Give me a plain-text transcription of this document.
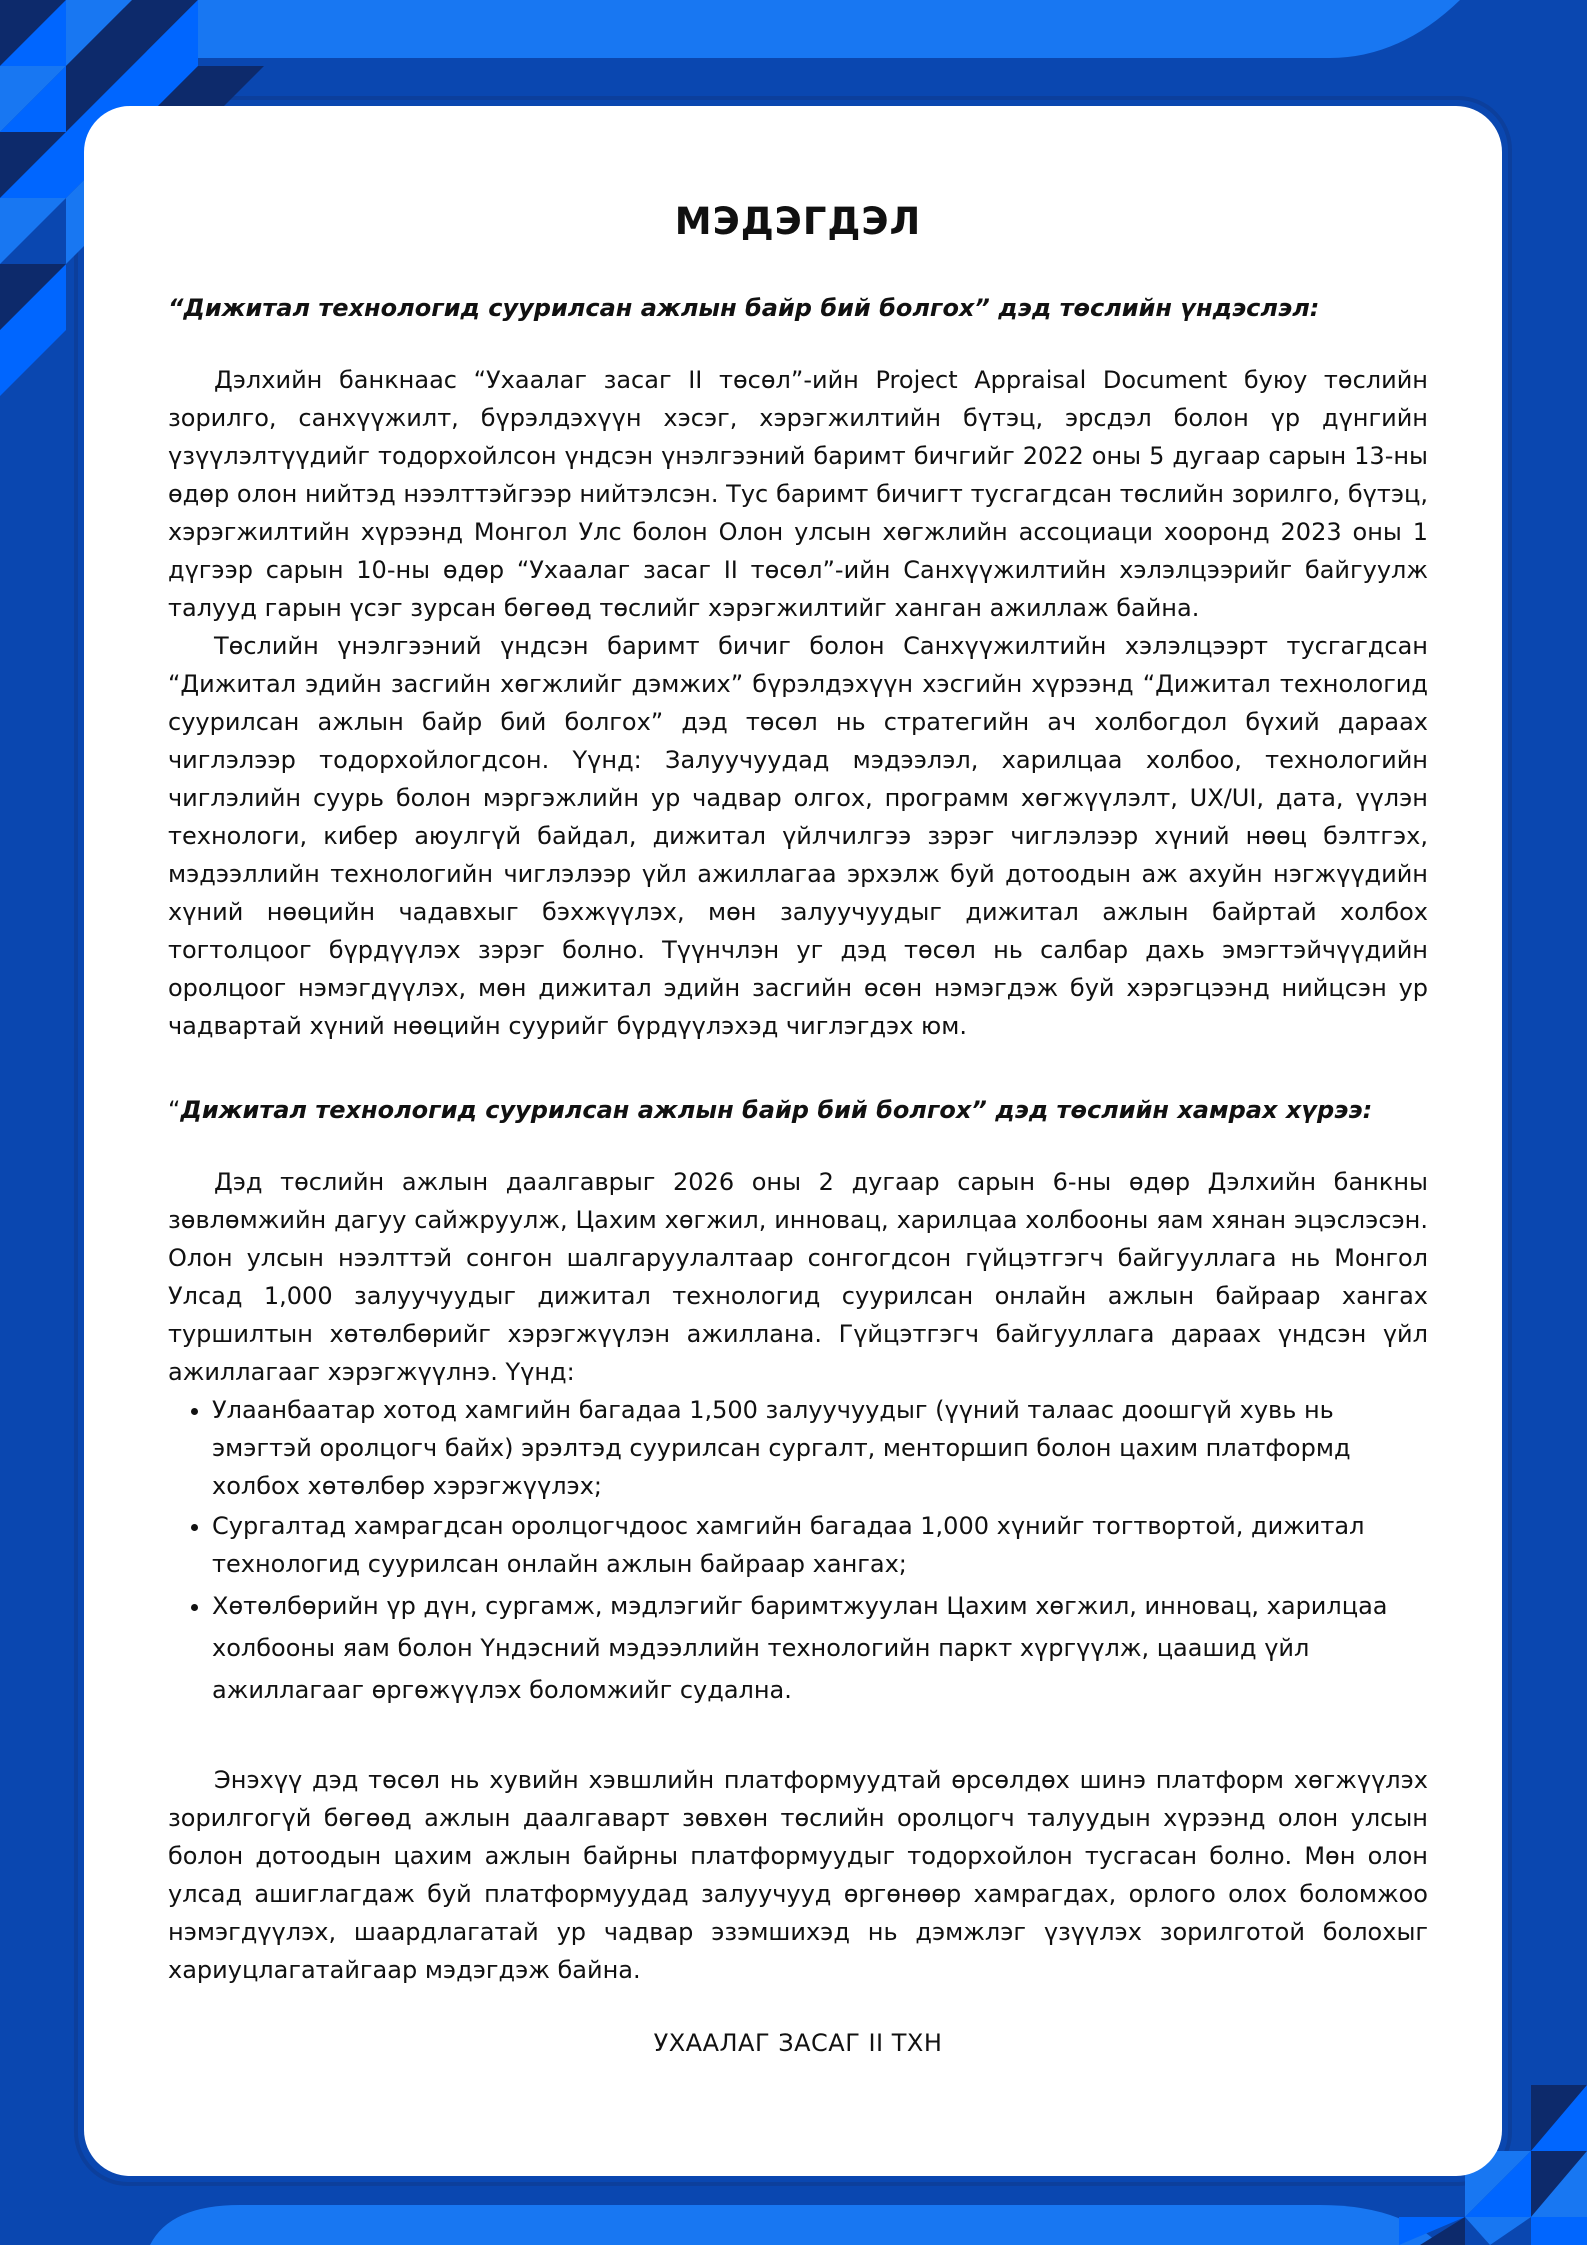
МЭДЭГДЭЛ

“Дижитал технологид суурилсан ажлын байр бий болгох” дэд төслийн үндэслэл:

Дэлхийн банкнаас “Ухаалаг засаг II төсөл”-ийн Project Appraisal Document буюу төслийн зорилго, санхүүжилт, бүрэлдэхүүн хэсэг, хэрэгжилтийн бүтэц, эрсдэл болон үр дүнгийн үзүүлэлтүүдийг тодорхойлсон үндсэн үнэлгээний баримт бичгийг 2022 оны 5 дугаар сарын 13-ны өдөр олон нийтэд нээлттэйгээр нийтэлсэн. Тус баримт бичигт тусгагдсан төслийн зорилго, бүтэц, хэрэгжилтийн хүрээнд Монгол Улс болон Олон улсын хөгжлийн ассоциаци хооронд 2023 оны 1 дүгээр сарын 10-ны өдөр “Ухаалаг засаг II төсөл”-ийн Санхүүжилтийн хэлэлцээрийг байгуулж талууд гарын үсэг зурсан бөгөөд төслийг хэрэгжилтийг ханган ажиллаж байна.

Төслийн үнэлгээний үндсэн баримт бичиг болон Санхүүжилтийн хэлэлцээрт тусгагдсан “Дижитал эдийн засгийн хөгжлийг дэмжих” бүрэлдэхүүн хэсгийн хүрээнд “Дижитал технологид суурилсан ажлын байр бий болгох” дэд төсөл нь стратегийн ач холбогдол бүхий дараах чиглэлээр тодорхойлогдсон. Үүнд: Залуучуудад мэдээлэл, харилцаа холбоо, технологийн чиглэлийн суурь болон мэргэжлийн ур чадвар олгох, программ хөгжүүлэлт, UX/UI, дата, үүлэн технологи, кибер аюулгүй байдал, дижитал үйлчилгээ зэрэг чиглэлээр хүний нөөц бэлтгэх, мэдээллийн технологийн чиглэлээр үйл ажиллагаа эрхэлж буй дотоодын аж ахуйн нэгжүүдийн хүний нөөцийн чадавхыг бэхжүүлэх, мөн залуучуудыг дижитал ажлын байртай холбох тогтолцоог бүрдүүлэх зэрэг болно. Түүнчлэн уг дэд төсөл нь салбар дахь эмэгтэйчүүдийн оролцоог нэмэгдүүлэх, мөн дижитал эдийн засгийн өсөн нэмэгдэж буй хэрэгцээнд нийцсэн ур чадвартай хүний нөөцийн суурийг бүрдүүлэхэд чиглэгдэх юм.

“Дижитал технологид суурилсан ажлын байр бий болгох” дэд төслийн хамрах хүрээ:

Дэд төслийн ажлын даалгаврыг 2026 оны 2 дугаар сарын 6-ны өдөр Дэлхийн банкны зөвлөмжийн дагуу сайжруулж, Цахим хөгжил, инновац, харилцаа холбооны яам хянан эцэслэсэн. Олон улсын нээлттэй сонгон шалгаруулалтаар сонгогдсон гүйцэтгэгч байгууллага нь Монгол Улсад 1,000 залуучуудыг дижитал технологид суурилсан онлайн ажлын байраар хангах туршилтын хөтөлбөрийг хэрэгжүүлэн ажиллана. Гүйцэтгэгч байгууллага дараах үндсэн үйл ажиллагааг хэрэгжүүлнэ. Үүнд:

• Улаанбаатар хотод хамгийн багадаа 1,500 залуучуудыг (үүний талаас доошгүй хувь нь эмэгтэй оролцогч байх) эрэлтэд суурилсан сургалт, менторшип болон цахим платформд холбох хөтөлбөр хэрэгжүүлэх;
• Сургалтад хамрагдсан оролцогчдоос хамгийн багадаа 1,000 хүнийг тогтвортой, дижитал технологид суурилсан онлайн ажлын байраар хангах;
• Хөтөлбөрийн үр дүн, сургамж, мэдлэгийг баримтжуулан Цахим хөгжил, инновац, харилцаа холбооны яам болон Үндэсний мэдээллийн технологийн паркт хүргүүлж, цаашид үйл ажиллагааг өргөжүүлэх боломжийг судална.

Энэхүү дэд төсөл нь хувийн хэвшлийн платформуудтай өрсөлдөх шинэ платформ хөгжүүлэх зорилгогүй бөгөөд ажлын даалгаварт зөвхөн төслийн оролцогч талуудын хүрээнд олон улсын болон дотоодын цахим ажлын байрны платформуудыг тодорхойлон тусгасан болно. Мөн олон улсад ашиглагдаж буй платформуудад залуучууд өргөнөөр хамрагдах, орлого олох боломжоо нэмэгдүүлэх, шаардлагатай ур чадвар эзэмшихэд нь дэмжлэг үзүүлэх зорилготой болохыг хариуцлагатайгаар мэдэгдэж байна.

УХААЛАГ ЗАСАГ II ТХН
